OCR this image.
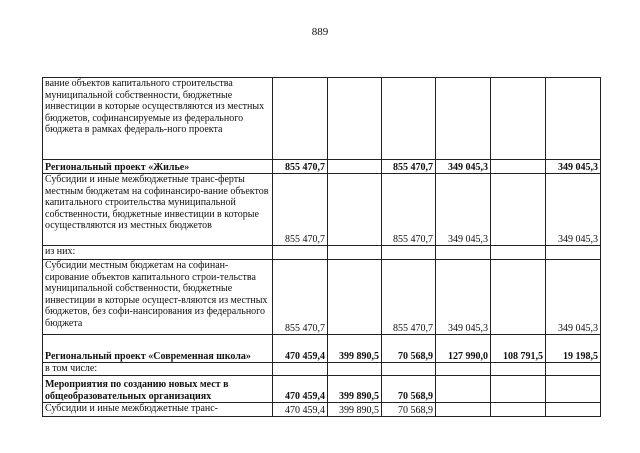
889
вание объектов капитального строительства муниципальной собственности, бюджетные инвестиции в которые осуществляются из местных бюджетов, софинансируемые из федерального бюджета в рамках федераль-ного проекта						
Региональный проект «Жилье»	855 470,7		855 470,7	349 045,3		349 045,3
Субсидии и иные межбюджетные транс-ферты местным бюджетам на софинансиро-вание объектов капитального строительства муниципальной собственности, бюджетные инвестиции в которые осуществляются из местных бюджетов	855 470,7		855 470,7	349 045,3		349 045,3
из них:						
Субсидии местным бюджетам на софинан-сирование объектов капитального строи-тельства муниципальной собственности, бюджетные инвестиции в которые осущест-вляются из местных бюджетов, без софи-нансирования из федерального бюджета	855 470,7		855 470,7	349 045,3		349 045,3
Региональный проект «Современная школа»	470 459,4	399 890,5	70 568,9	127 990,0	108 791,5	19 198,5
в том числе:						
Мероприятия по созданию новых мест в общеобразовательных организациях	470 459,4	399 890,5	70 568,9			
Субсидии и иные межбюджетные транс-	470 459,4	399 890,5	70 568,9			
